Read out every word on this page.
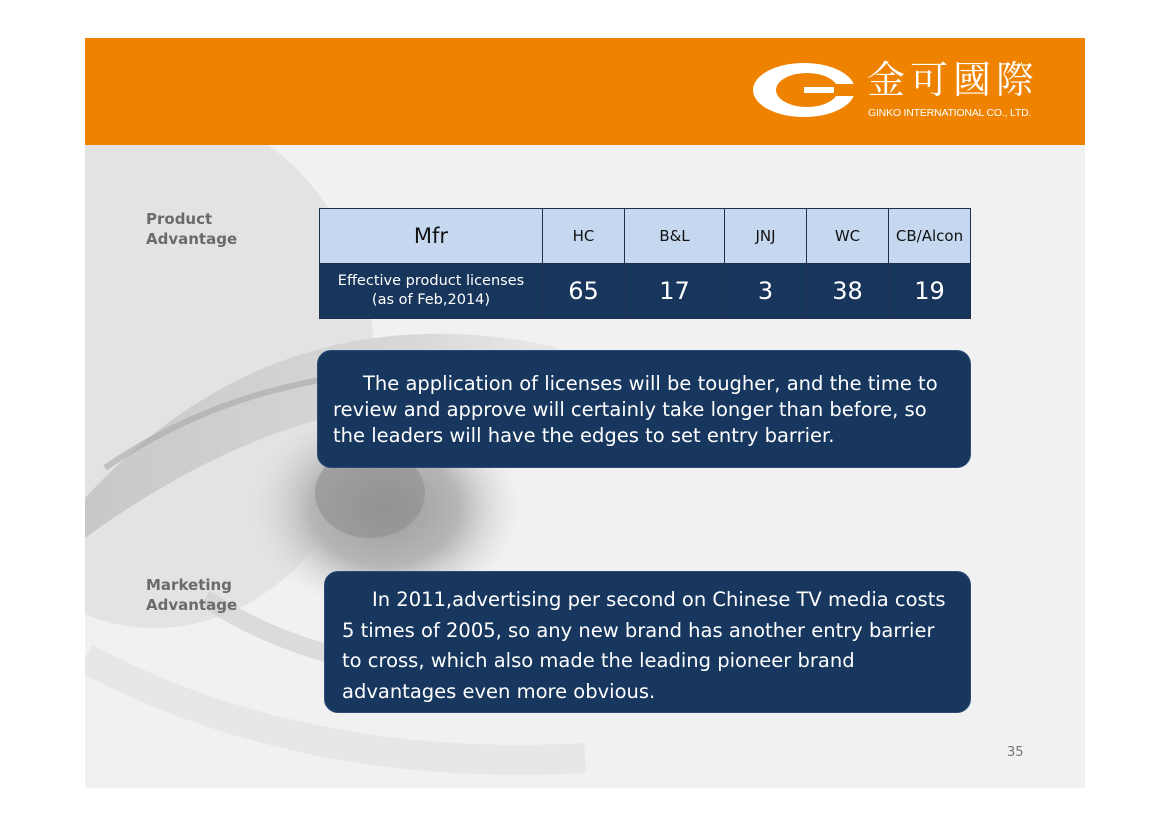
金可國際
GINKO INTERNATIONAL CO., LTD.
Product
Advantage
Marketing
Advantage
Mfr	HC	B&L	JNJ	WC	CB/Alcon
Effective product licenses
(as of Feb,2014)	65	17	3	38	19

The application of licenses will be tougher, and the time to review and approve will certainly take longer than before, so the leaders will have the edges to set entry barrier.

In 2011,advertising per second on Chinese TV media costs 5 times of 2005, so any new brand has another entry barrier to cross, which also made the leading pioneer brand advantages even more obvious.

35
